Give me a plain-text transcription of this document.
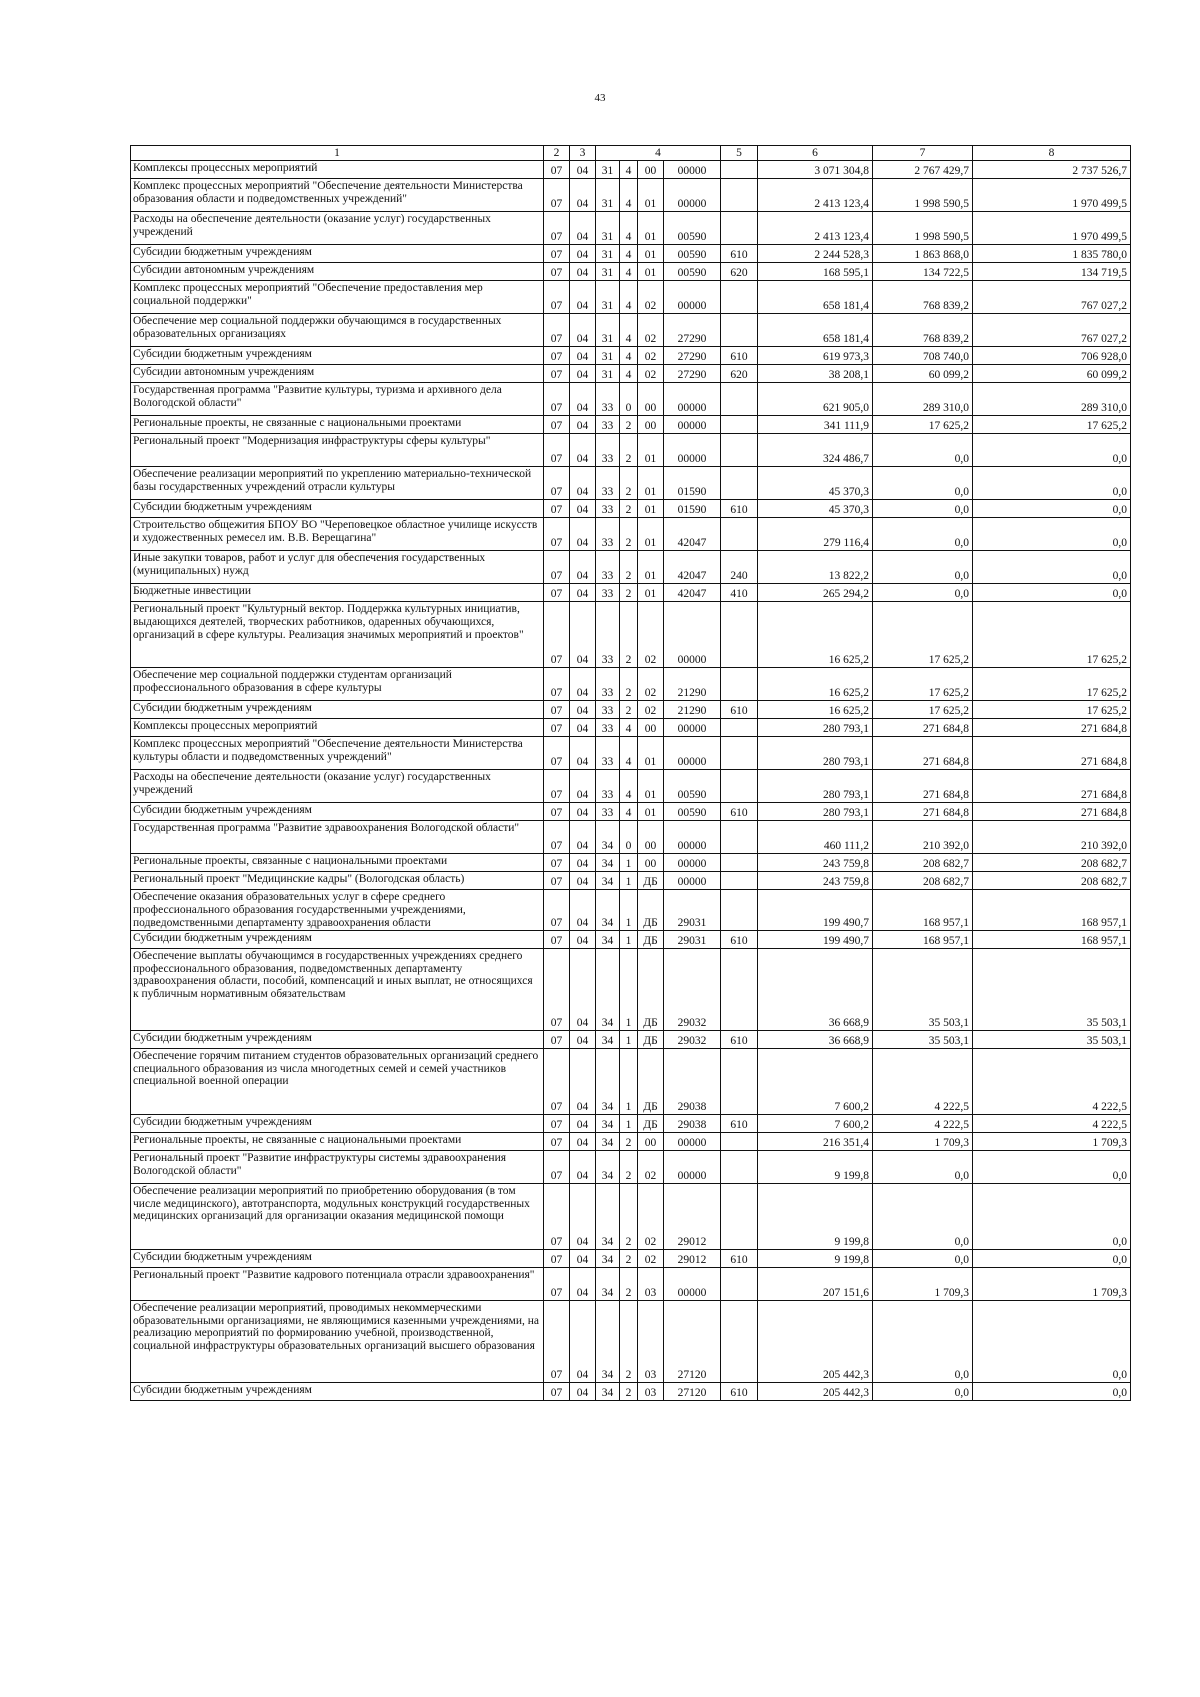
43
1	2	3	4				5	6	7	8
Комплексы процессных мероприятий	07	04	31	4	00	00000		3 071 304,8	2 767 429,7	2 737 526,7
Комплекс процессных мероприятий "Обеспечение деятельности Министерства образования области и подведомственных учреждений"	07	04	31	4	01	00000		2 413 123,4	1 998 590,5	1 970 499,5
Расходы на обеспечение деятельности (оказание услуг) государственных учреждений	07	04	31	4	01	00590		2 413 123,4	1 998 590,5	1 970 499,5
Субсидии бюджетным учреждениям	07	04	31	4	01	00590	610	2 244 528,3	1 863 868,0	1 835 780,0
Субсидии автономным учреждениям	07	04	31	4	01	00590	620	168 595,1	134 722,5	134 719,5
Комплекс процессных мероприятий "Обеспечение предоставления мер социальной поддержки"	07	04	31	4	02	00000		658 181,4	768 839,2	767 027,2
Обеспечение мер социальной поддержки обучающимся в государственных образовательных организациях	07	04	31	4	02	27290		658 181,4	768 839,2	767 027,2
Субсидии бюджетным учреждениям	07	04	31	4	02	27290	610	619 973,3	708 740,0	706 928,0
Субсидии автономным учреждениям	07	04	31	4	02	27290	620	38 208,1	60 099,2	60 099,2
Государственная программа "Развитие культуры, туризма и архивного дела Вологодской области"	07	04	33	0	00	00000		621 905,0	289 310,0	289 310,0
Региональные проекты, не связанные с национальными проектами	07	04	33	2	00	00000		341 111,9	17 625,2	17 625,2
Региональный проект "Модернизация инфраструктуры сферы культуры"	07	04	33	2	01	00000		324 486,7	0,0	0,0
Обеспечение реализации мероприятий по укреплению материально-технической базы государственных учреждений отрасли культуры	07	04	33	2	01	01590		45 370,3	0,0	0,0
Субсидии бюджетным учреждениям	07	04	33	2	01	01590	610	45 370,3	0,0	0,0
Строительство общежития БПОУ ВО "Череповецкое областное училище искусств и художественных ремесел им. В.В. Верещагина"	07	04	33	2	01	42047		279 116,4	0,0	0,0
Иные закупки товаров, работ и услуг для обеспечения государственных (муниципальных) нужд	07	04	33	2	01	42047	240	13 822,2	0,0	0,0
Бюджетные инвестиции	07	04	33	2	01	42047	410	265 294,2	0,0	0,0
Региональный проект "Культурный вектор. Поддержка культурных инициатив, выдающихся деятелей, творческих работников, одаренных обучающихся, организаций в сфере культуры. Реализация значимых мероприятий и проектов"	07	04	33	2	02	00000		16 625,2	17 625,2	17 625,2
Обеспечение мер социальной поддержки студентам организаций профессионального образования в сфере культуры	07	04	33	2	02	21290		16 625,2	17 625,2	17 625,2
Субсидии бюджетным учреждениям	07	04	33	2	02	21290	610	16 625,2	17 625,2	17 625,2
Комплексы процессных мероприятий	07	04	33	4	00	00000		280 793,1	271 684,8	271 684,8
Комплекс процессных мероприятий "Обеспечение деятельности Министерства культуры области и подведомственных учреждений"	07	04	33	4	01	00000		280 793,1	271 684,8	271 684,8
Расходы на обеспечение деятельности (оказание услуг) государственных учреждений	07	04	33	4	01	00590		280 793,1	271 684,8	271 684,8
Субсидии бюджетным учреждениям	07	04	33	4	01	00590	610	280 793,1	271 684,8	271 684,8
Государственная программа "Развитие здравоохранения Вологодской области"	07	04	34	0	00	00000		460 111,2	210 392,0	210 392,0
Региональные проекты, связанные с национальными проектами	07	04	34	1	00	00000		243 759,8	208 682,7	208 682,7
Региональный проект "Медицинские кадры" (Вологодская область)	07	04	34	1	ДБ	00000		243 759,8	208 682,7	208 682,7
Обеспечение оказания образовательных услуг в сфере среднего профессионального образования государственными учреждениями, подведомственными департаменту здравоохранения области	07	04	34	1	ДБ	29031		199 490,7	168 957,1	168 957,1
Субсидии бюджетным учреждениям	07	04	34	1	ДБ	29031	610	199 490,7	168 957,1	168 957,1
Обеспечение выплаты обучающимся в государственных учреждениях среднего профессионального образования, подведомственных департаменту здравоохранения области, пособий, компенсаций и иных выплат, не относящихся к публичным нормативным обязательствам	07	04	34	1	ДБ	29032		36 668,9	35 503,1	35 503,1
Субсидии бюджетным учреждениям	07	04	34	1	ДБ	29032	610	36 668,9	35 503,1	35 503,1
Обеспечение горячим питанием студентов образовательных организаций среднего специального образования из числа многодетных семей и семей участников специальной военной операции	07	04	34	1	ДБ	29038		7 600,2	4 222,5	4 222,5
Субсидии бюджетным учреждениям	07	04	34	1	ДБ	29038	610	7 600,2	4 222,5	4 222,5
Региональные проекты, не связанные с национальными проектами	07	04	34	2	00	00000		216 351,4	1 709,3	1 709,3
Региональный проект "Развитие инфраструктуры системы здравоохранения Вологодской области"	07	04	34	2	02	00000		9 199,8	0,0	0,0
Обеспечение реализации мероприятий по приобретению оборудования (в том числе медицинского), автотранспорта, модульных конструкций государственных медицинских организаций для организации оказания медицинской помощи	07	04	34	2	02	29012		9 199,8	0,0	0,0
Субсидии бюджетным учреждениям	07	04	34	2	02	29012	610	9 199,8	0,0	0,0
Региональный проект "Развитие кадрового потенциала отрасли здравоохранения"	07	04	34	2	03	00000		207 151,6	1 709,3	1 709,3
Обеспечение реализации мероприятий, проводимых некоммерческими образовательными организациями, не являющимися казенными учреждениями, на реализацию мероприятий по формированию учебной, производственной, социальной инфраструктуры образовательных организаций высшего образования	07	04	34	2	03	27120		205 442,3	0,0	0,0
Субсидии бюджетным учреждениям	07	04	34	2	03	27120	610	205 442,3	0,0	0,0
